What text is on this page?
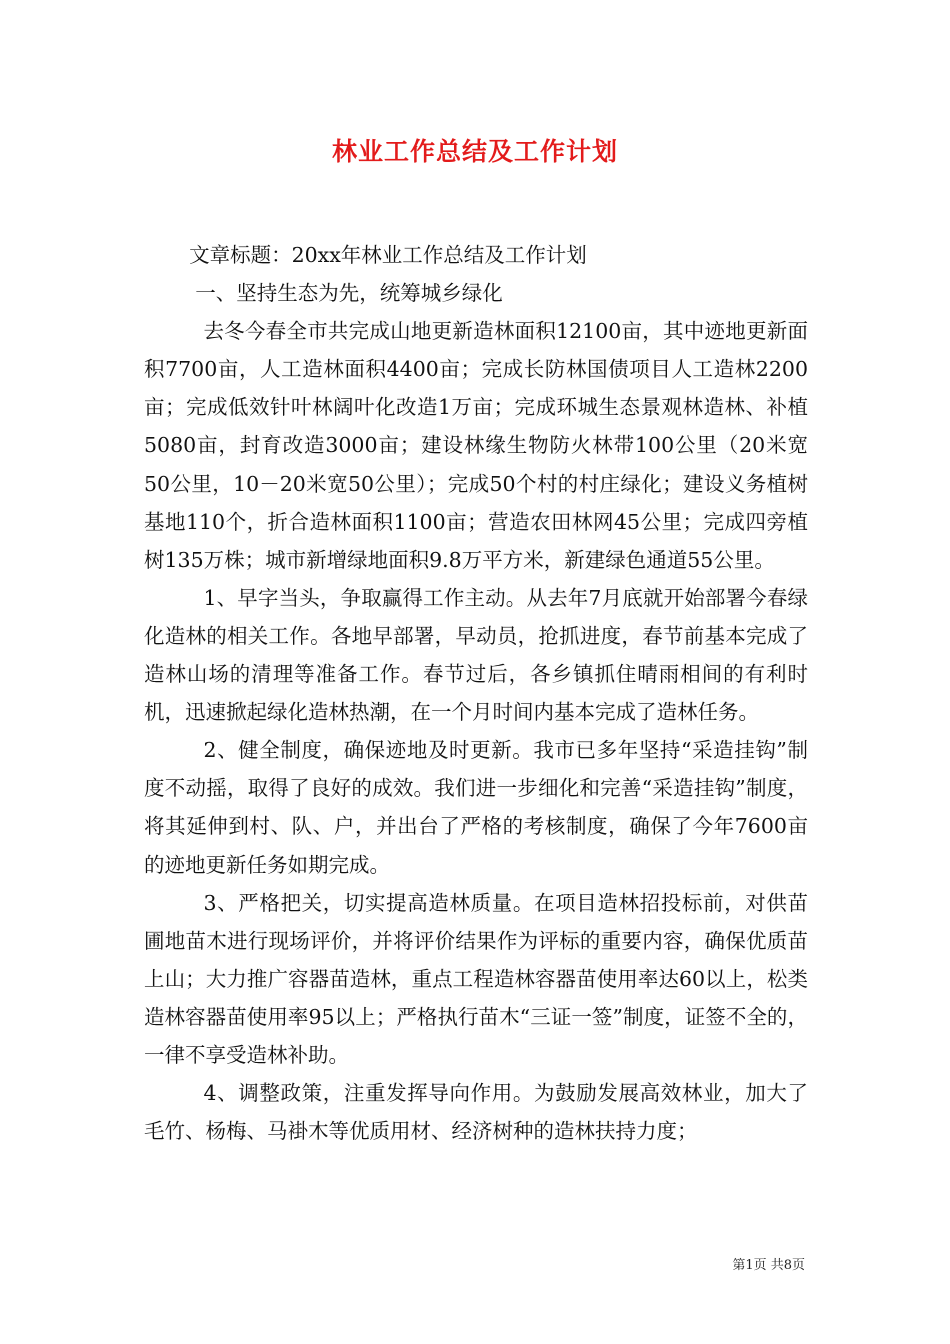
林业工作总结及工作计划

文章标题：20xx年林业工作总结及工作计划

一、坚持生态为先，统筹城乡绿化

去冬今春全市共完成山地更新造林面积12100亩，其中迹地更新面积7700亩，人工造林面积4400亩；完成长防林国债项目人工造林2200亩；完成低效针叶林阔叶化改造1万亩；完成环城生态景观林造林、补植5080亩，封育改造3000亩；建设林缘生物防火林带100公里（20米宽50公里，10－20米宽50公里）；完成50个村的村庄绿化；建设义务植树基地110个，折合造林面积1100亩；营造农田林网45公里；完成四旁植树135万株；城市新增绿地面积9.8万平方米，新建绿色通道55公里。

1、早字当头，争取赢得工作主动。从去年7月底就开始部署今春绿化造林的相关工作。各地早部署，早动员，抢抓进度，春节前基本完成了造林山场的清理等准备工作。春节过后，各乡镇抓住晴雨相间的有利时机，迅速掀起绿化造林热潮，在一个月时间内基本完成了造林任务。

2、健全制度，确保迹地及时更新。我市已多年坚持“采造挂钩”制度不动摇，取得了良好的成效。我们进一步细化和完善“采造挂钩”制度，将其延伸到村、队、户，并出台了严格的考核制度，确保了今年7600亩的迹地更新任务如期完成。

3、严格把关，切实提高造林质量。在项目造林招投标前，对供苗圃地苗木进行现场评价，并将评价结果作为评标的重要内容，确保优质苗上山；大力推广容器苗造林，重点工程造林容器苗使用率达60以上，松类造林容器苗使用率95以上；严格执行苗木“三证一签”制度，证签不全的，一律不享受造林补助。

4、调整政策，注重发挥导向作用。为鼓励发展高效林业，加大了毛竹、杨梅、马褂木等优质用材、经济树种的造林扶持力度；

第1页 共8页
